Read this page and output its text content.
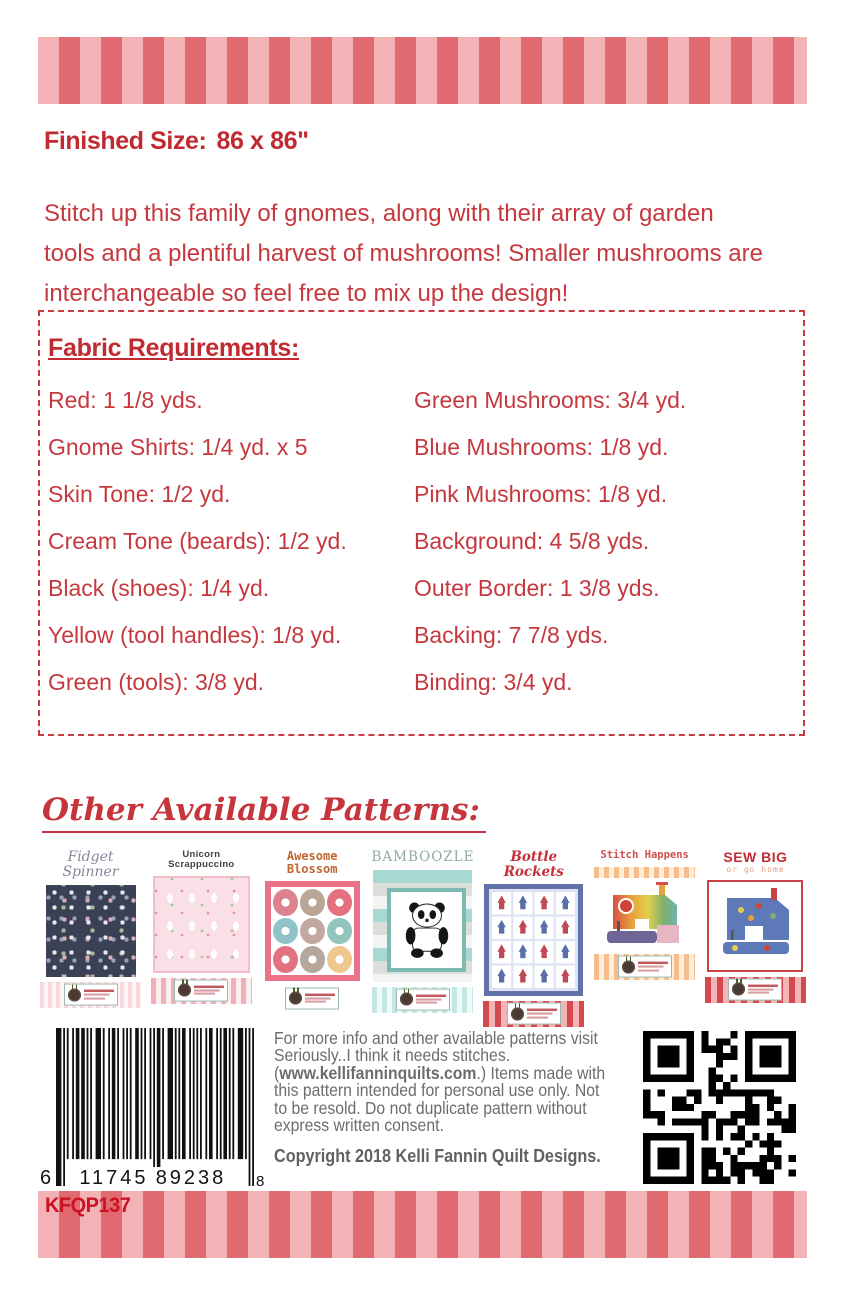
Finished Size: 86 x 86"

Stitch up this family of gnomes, along with their array of garden tools and a plentiful harvest of mushrooms! Smaller mushrooms are interchangeable so feel free to mix up the design!

Fabric Requirements:
Red: 1 1/8 yds.
Gnome Shirts: 1/4 yd. x 5
Skin Tone: 1/2 yd.
Cream Tone (beards): 1/2 yd.
Black (shoes): 1/4 yd.
Yellow (tool handles): 1/8 yd.
Green (tools): 3/8 yd.
Green Mushrooms: 3/4 yd.
Blue Mushrooms: 1/8 yd.
Pink Mushrooms: 1/8 yd.
Background: 4 5/8 yds.
Outer Border: 1 3/8 yds.
Backing: 7 7/8 yds.
Binding: 3/4 yd.
Other Available Patterns:
Fidget Spinner
Unicorn Scrappuccino
Awesome Blossom
BAMBOOZLE	Bottle Rockets
Stitch Happens SEW BIG
or go home
6 11745 89238 8
For more info and other available patterns visit
Seriously..I think it needs stitches.
(www.kellifanninquilts.com.) Items made with
this pattern intended for personal use only. Not
to be resold. Do not duplicate pattern without
express written consent.
Copyright 2018 Kelli Fannin Quilt Designs.
KFQP137
